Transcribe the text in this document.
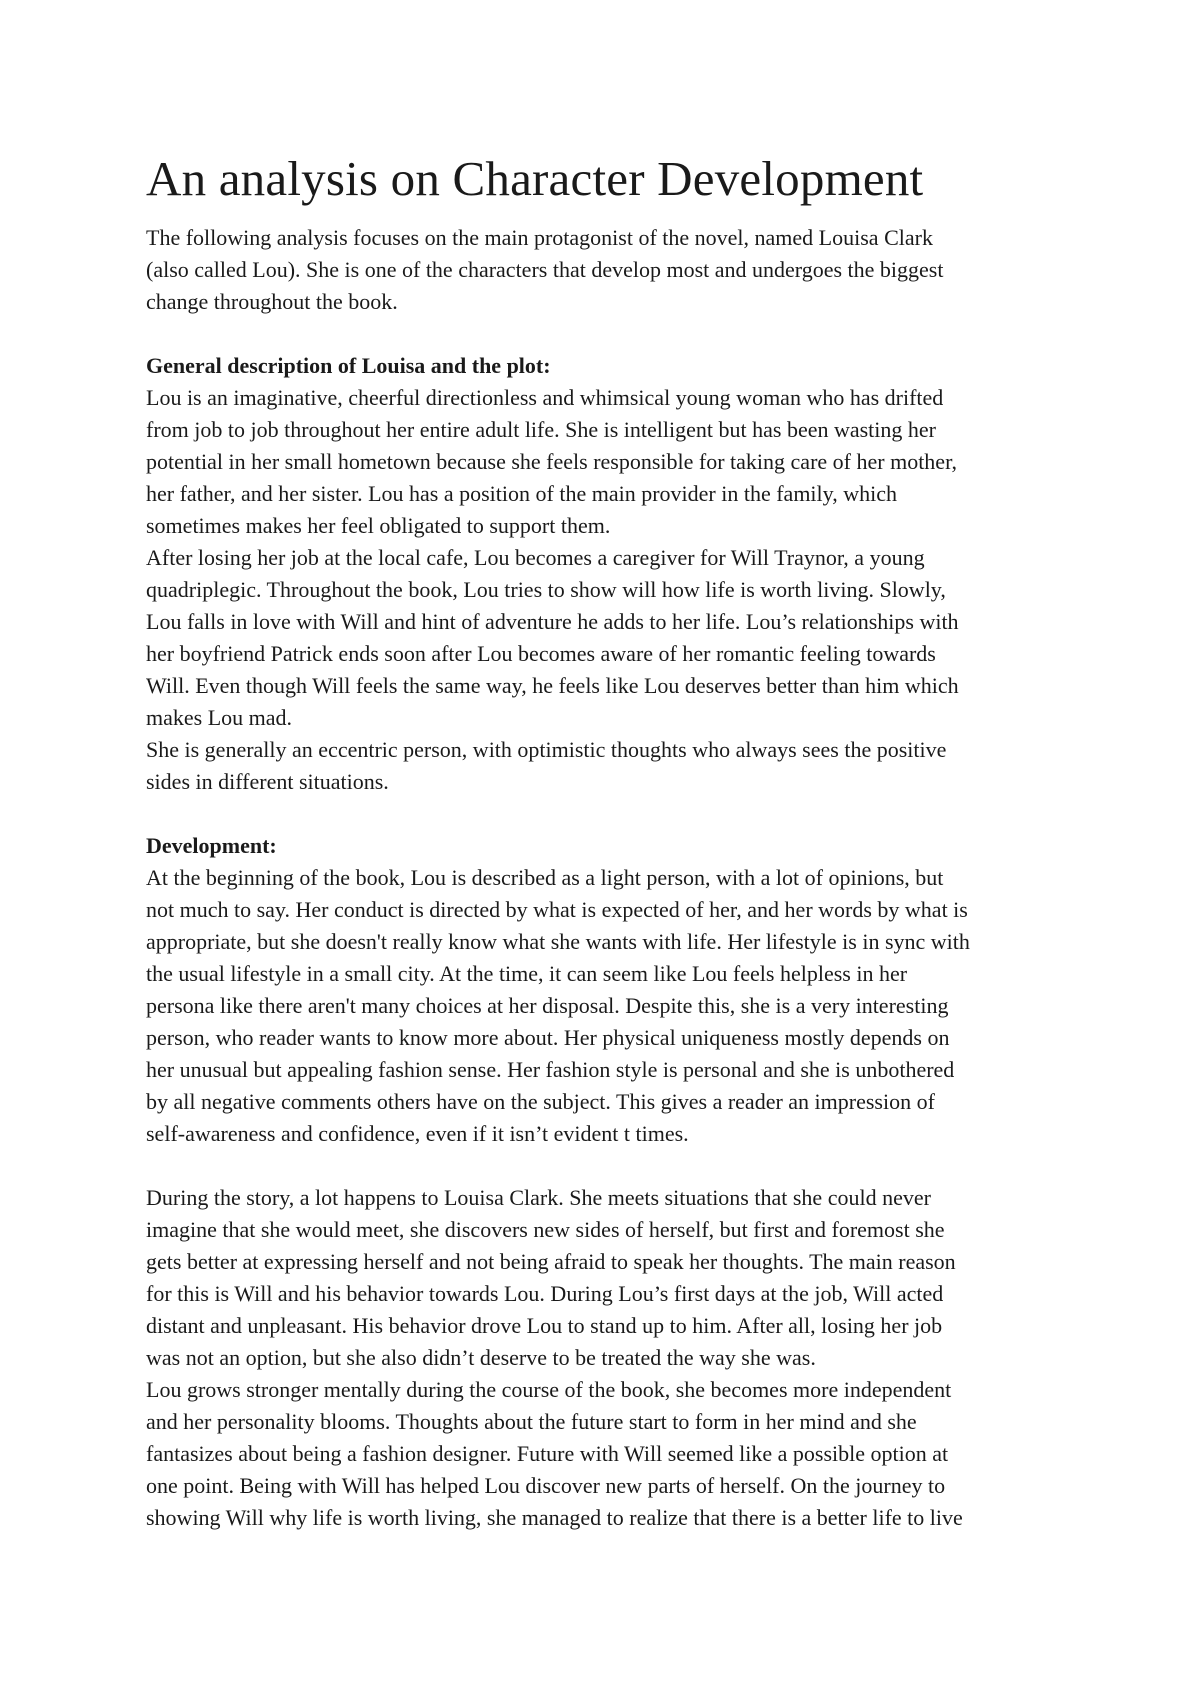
An analysis on Character Development

The following analysis focuses on the main protagonist of the novel, named Louisa Clark
(also called Lou). She is one of the characters that develop most and undergoes the biggest
change throughout the book.

General description of Louisa and the plot:

Lou is an imaginative, cheerful directionless and whimsical young woman who has drifted
from job to job throughout her entire adult life. She is intelligent but has been wasting her
potential in her small hometown because she feels responsible for taking care of her mother,
her father, and her sister. Lou has a position of the main provider in the family, which
sometimes makes her feel obligated to support them.

After losing her job at the local cafe, Lou becomes a caregiver for Will Traynor, a young
quadriplegic. Throughout the book, Lou tries to show will how life is worth living. Slowly,
Lou falls in love with Will and hint of adventure he adds to her life. Lou’s relationships with
her boyfriend Patrick ends soon after Lou becomes aware of her romantic feeling towards
Will. Even though Will feels the same way, he feels like Lou deserves better than him which
makes Lou mad.

She is generally an eccentric person, with optimistic thoughts who always sees the positive
sides in different situations.

Development:

At the beginning of the book, Lou is described as a light person, with a lot of opinions, but
not much to say. Her conduct is directed by what is expected of her, and her words by what is
appropriate, but she doesn't really know what she wants with life. Her lifestyle is in sync with
the usual lifestyle in a small city. At the time, it can seem like Lou feels helpless in her
persona like there aren't many choices at her disposal. Despite this, she is a very interesting
person, who reader wants to know more about. Her physical uniqueness mostly depends on
her unusual but appealing fashion sense. Her fashion style is personal and she is unbothered
by all negative comments others have on the subject. This gives a reader an impression of
self-awareness and confidence, even if it isn’t evident t times.

During the story, a lot happens to Louisa Clark. She meets situations that she could never
imagine that she would meet, she discovers new sides of herself, but first and foremost she
gets better at expressing herself and not being afraid to speak her thoughts. The main reason
for this is Will and his behavior towards Lou. During Lou’s first days at the job, Will acted
distant and unpleasant. His behavior drove Lou to stand up to him. After all, losing her job
was not an option, but she also didn’t deserve to be treated the way she was.

Lou grows stronger mentally during the course of the book, she becomes more independent
and her personality blooms. Thoughts about the future start to form in her mind and she
fantasizes about being a fashion designer. Future with Will seemed like a possible option at
one point. Being with Will has helped Lou discover new parts of herself. On the journey to
showing Will why life is worth living, she managed to realize that there is a better life to live
